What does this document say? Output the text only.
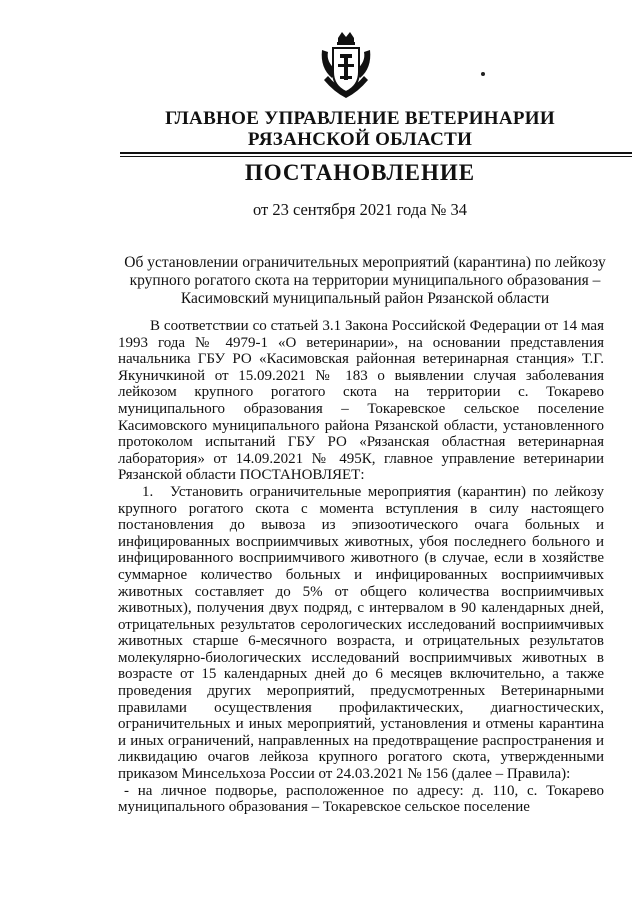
ГЛАВНОЕ УПРАВЛЕНИЕ ВЕТЕРИНАРИИ
РЯЗАНСКОЙ ОБЛАСТИ
ПОСТАНОВЛЕНИЕ
от 23 сентября 2021 года № 34
Об установлении ограничительных мероприятий (карантина) по лейкозу крупного рогатого скота на территории муниципального образования – Касимовский муниципальный район Рязанской области

В соответствии со статьей 3.1 Закона Российской Федерации от 14 мая 1993 года № 4979-1 «О ветеринарии», на основании представления начальника ГБУ РО «Касимовская районная ветеринарная станция» Т.Г. Якуничкиной от 15.09.2021 № 183 о выявлении случая заболевания лейкозом крупного рогатого скота на территории с. Токарево муниципального образования – Токаревское сельское поселение Касимовского муниципального района Рязанской области, установленного протоколом испытаний ГБУ РО «Рязанская областная ветеринарная лаборатория» от 14.09.2021 № 495К, главное управление ветеринарии Рязанской области ПОСТАНОВЛЯЕТ:

1. Установить ограничительные мероприятия (карантин) по лейкозу крупного рогатого скота с момента вступления в силу настоящего постановления до вывоза из эпизоотического очага больных и инфицированных восприимчивых животных, убоя последнего больного и инфицированного восприимчивого животного (в случае, если в хозяйстве суммарное количество больных и инфицированных восприимчивых животных составляет до 5% от общего количества восприимчивых животных), получения двух подряд, с интервалом в 90 календарных дней, отрицательных результатов серологических исследований восприимчивых животных старше 6-месячного возраста, и отрицательных результатов молекулярно-биологических исследований восприимчивых животных в возрасте от 15 календарных дней до 6 месяцев включительно, а также проведения других мероприятий, предусмотренных Ветеринарными правилами осуществления профилактических, диагностических, ограничительных и иных мероприятий, установления и отмены карантина и иных ограничений, направленных на предотвращение распространения и ликвидацию очагов лейкоза крупного рогатого скота, утвержденными приказом Минсельхоза России от 24.03.2021 № 156 (далее – Правила):

- на личное подворье, расположенное по адресу: д. 110, с. Токарево муниципального образования – Токаревское сельское поселение
